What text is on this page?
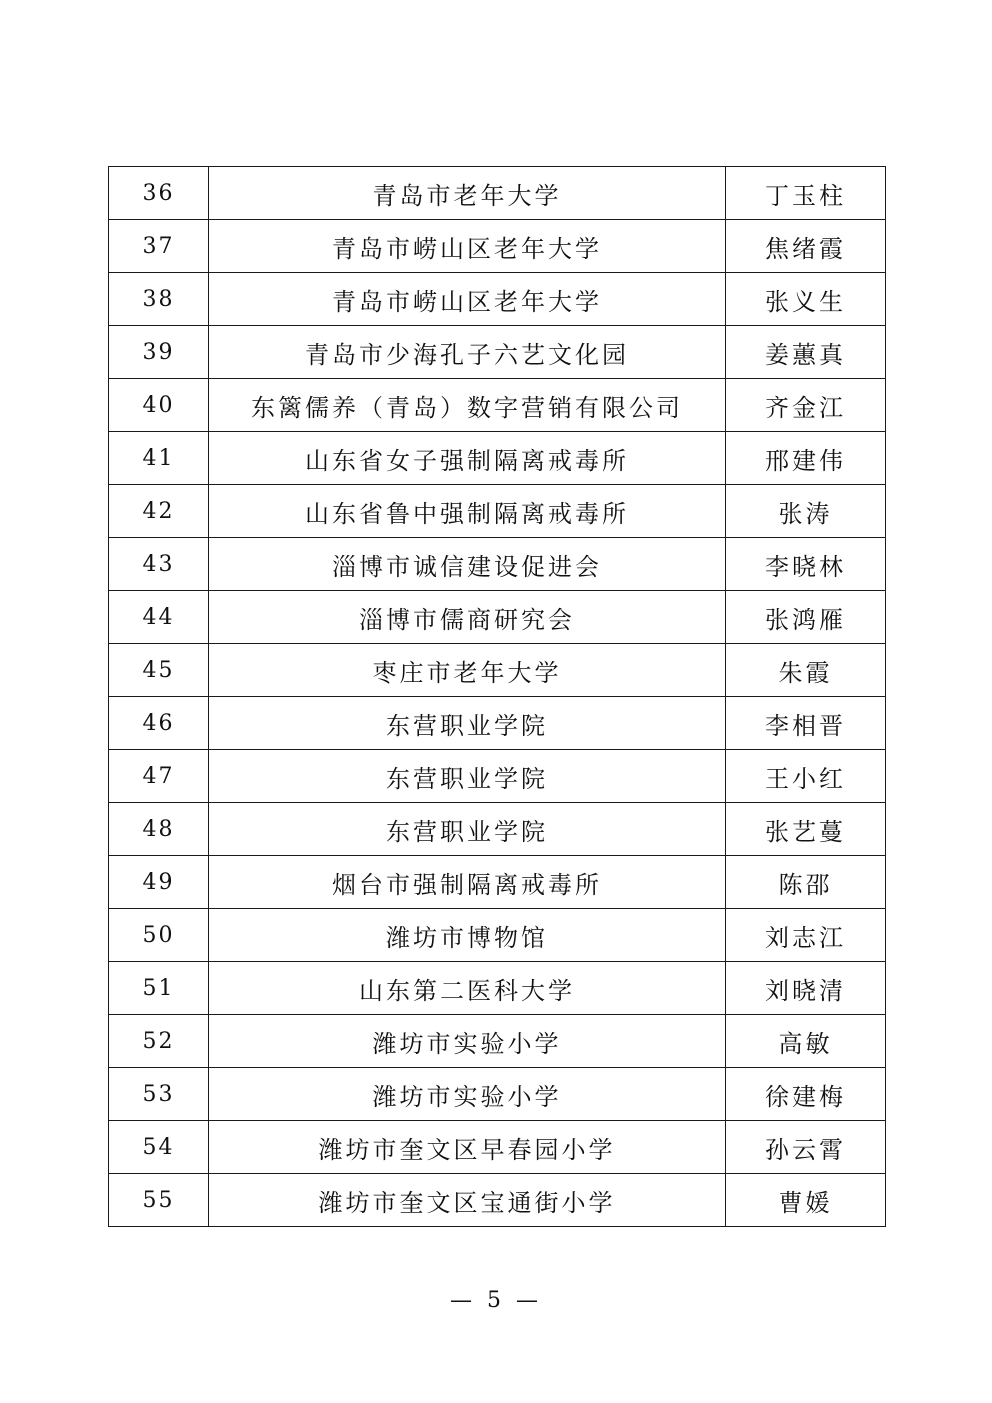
36	青岛市老年大学	丁玉柱
37	青岛市崂山区老年大学	焦绪霞
38	青岛市崂山区老年大学	张义生
39	青岛市少海孔子六艺文化园	姜蕙真
40	东篱儒养（青岛）数字营销有限公司	齐金江
41	山东省女子强制隔离戒毒所	邢建伟
42	山东省鲁中强制隔离戒毒所	张涛
43	淄博市诚信建设促进会	李晓林
44	淄博市儒商研究会	张鸿雁
45	枣庄市老年大学	朱霞
46	东营职业学院	李相晋
47	东营职业学院	王小红
48	东营职业学院	张艺蔓
49	烟台市强制隔离戒毒所	陈邵
50	潍坊市博物馆	刘志江
51	山东第二医科大学	刘晓清
52	潍坊市实验小学	高敏
53	潍坊市实验小学	徐建梅
54	潍坊市奎文区早春园小学	孙云霄
55	潍坊市奎文区宝通街小学	曹媛
— 5 —
